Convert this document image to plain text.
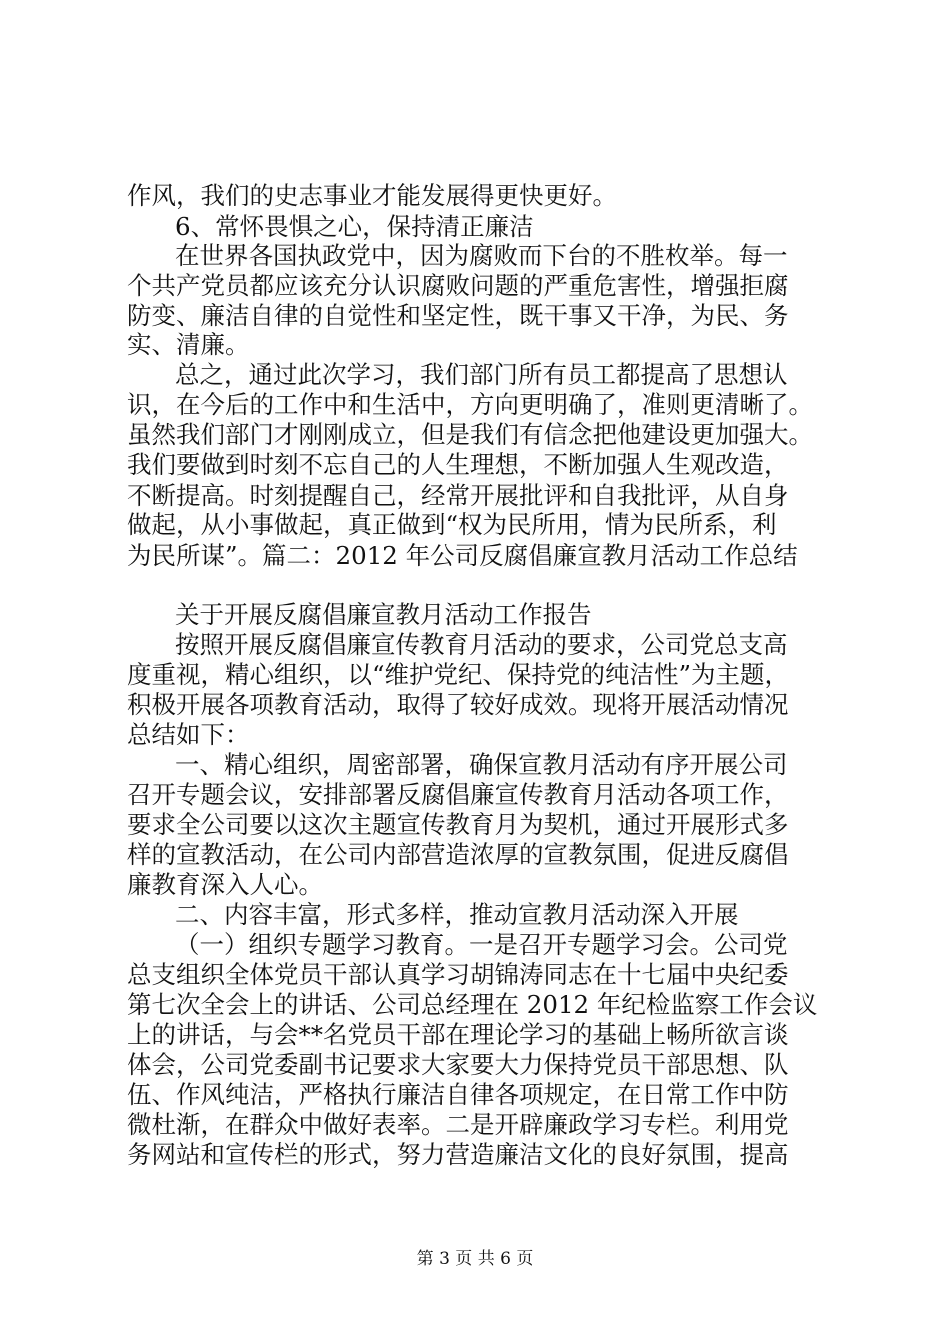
作风，我们的史志事业才能发展得更快更好。
6、常怀畏惧之心，保持清正廉洁
在世界各国执政党中，因为腐败而下台的不胜枚举。每一
个共产党员都应该充分认识腐败问题的严重危害性，增强拒腐
防变、廉洁自律的自觉性和坚定性，既干事又干净，为民、务
实、清廉。
总之，通过此次学习，我们部门所有员工都提高了思想认
识，在今后的工作中和生活中，方向更明确了，准则更清晰了。
虽然我们部门才刚刚成立，但是我们有信念把他建设更加强大。
我们要做到时刻不忘自己的人生理想，不断加强人生观改造，
不断提高。时刻提醒自己，经常开展批评和自我批评，从自身
做起，从小事做起，真正做到“权为民所用，情为民所系，利
为民所谋”。篇二：2012 年公司反腐倡廉宣教月活动工作总结
关于开展反腐倡廉宣教月活动工作报告
按照开展反腐倡廉宣传教育月活动的要求，公司党总支高
度重视，精心组织，以“维护党纪、保持党的纯洁性”为主题，
积极开展各项教育活动，取得了较好成效。现将开展活动情况
总结如下：
一、精心组织，周密部署，确保宣教月活动有序开展公司
召开专题会议，安排部署反腐倡廉宣传教育月活动各项工作，
要求全公司要以这次主题宣传教育月为契机，通过开展形式多
样的宣教活动，在公司内部营造浓厚的宣教氛围，促进反腐倡
廉教育深入人心。
二、内容丰富，形式多样，推动宣教月活动深入开展
（一）组织专题学习教育。一是召开专题学习会。公司党
总支组织全体党员干部认真学习胡锦涛同志在十七届中央纪委
第七次全会上的讲话、公司总经理在 2012 年纪检监察工作会议
上的讲话，与会**名党员干部在理论学习的基础上畅所欲言谈
体会，公司党委副书记要求大家要大力保持党员干部思想、队
伍、作风纯洁，严格执行廉洁自律各项规定，在日常工作中防
微杜渐，在群众中做好表率。二是开辟廉政学习专栏。利用党
务网站和宣传栏的形式，努力营造廉洁文化的良好氛围，提高
第 3 页 共 6 页
